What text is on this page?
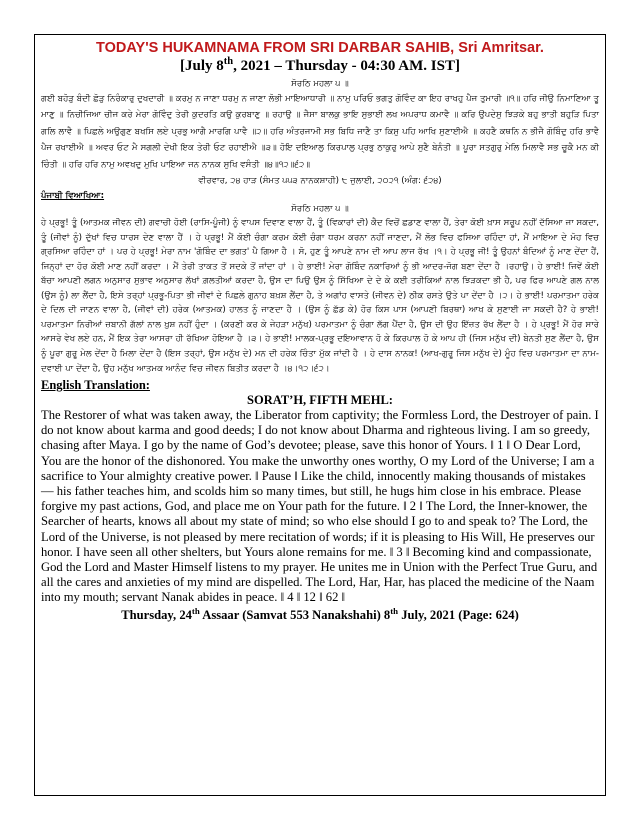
TODAY'S HUKAMNAMA FROM SRI DARBAR SAHIB, Sri Amritsar.
[July 8th, 2021 – Thursday - 04:30 AM. IST]
ਸੋਰਠਿ ਮਹਲਾ ੫ ॥
ਗਈ ਬਹੋੜੁ ਬੰਦੀ ਛੋੜੁ ਨਿਰੰਕਾਰੁ ਦੁਖਦਾਰੀ ॥ ਕਰਮੁ ਨ ਜਾਣਾ ਧਰਮੁ ਨ ਜਾਣਾ ਲੋਭੀ ਮਾਇਆਧਾਰੀ ॥ ਨਾਮੁ ਪਰਿਓ ਭਗਤੁ ਗੋਵਿੰਦ ਕਾ ਇਹ ਰਾਖਹੁ ਪੈਜ ਤੁਮਾਰੀ ॥੧॥ ਹਰਿ ਜੀਉ ਨਿਮਾਣਿਆ ਤੂ ਮਾਣੁ ॥ ਨਿਚੀਜਿਆ ਚੀਜ ਕਰੇ ਮੇਰਾ ਗੋਵਿੰਦੁ ਤੇਰੀ ਕੁਦਰਤਿ ਕਉ ਕੁਰਬਾਣੁ ॥ ਰਹਾਉ ॥ ਜੈਸਾ ਬਾਲਕੁ ਭਾਇ ਸੁਭਾਈ ਲਖ ਅਪਰਾਧ ਕਮਾਵੈ ॥ ਕਰਿ ਉਪਦੇਸੁ ਝਿੜਕੇ ਬਹੁ ਭਾਤੀ ਬਹੁੜਿ ਪਿਤਾ ਗਲਿ ਲਾਵੈ ॥ ਪਿਛਲੇ ਅਉਗੁਣ ਬਖਸਿ ਲਏ ਪ੍ਰਭੁ ਆਗੈ ਮਾਰਗਿ ਪਾਵੈ ॥੨॥ ਹਰਿ ਅੰਤਰਜਾਮੀ ਸਭ ਬਿਧਿ ਜਾਣੈ ਤਾ ਕਿਸੁ ਪਹਿ ਆਖਿ ਸੁਣਾਈਐ ॥ ਕਹਣੈ ਕਥਨਿ ਨ ਭੀਜੈ ਗੋਬਿੰਦੁ ਹਰਿ ਭਾਵੈ ਪੈਜ ਰਖਾਈਐ ॥ ਅਵਰ ਓਟ ਮੈ ਸਗਲੀ ਦੇਖੀ ਇਕ ਤੇਰੀ ਓਟ ਰਹਾਈਐ ॥੩॥ ਹੋਇ ਦਇਆਲੁ ਕਿਰਪਾਲੁ ਪ੍ਰਭੁ ਠਾਕੁਰੁ ਆਪੇ ਸੁਣੈ ਬੇਨੰਤੀ ॥ ਪੂਰਾ ਸਤਗੁਰੁ ਮੇਲਿ ਮਿਲਾਵੈ ਸਭ ਚੂਕੈ ਮਨ ਕੀ ਚਿੰਤੀ ॥ ਹਰਿ ਹਰਿ ਨਾਮੁ ਅਵਖਦੁ ਮੁਖਿ ਪਾਇਆ ਜਨ ਨਾਨਕ ਸੁਖਿ ਵਸੰਤੀ ॥੪॥੧੨॥੬੨॥
ਵੀਰਵਾਰ, ੨੪ ਹਾੜ (ਸੰਮਤ ੫੫੩ ਨਾਨਕਸ਼ਾਹੀ) ੮ ਜੁਲਾਈ, ੨੦੨੧ (ਅੰਗ: ੬੨੪)
ਪੰਜਾਬੀ ਵਿਆਖਿਆ:
ਸੋਰਠਿ ਮਹਲਾ ੫ ॥
ਹੇ ਪ੍ਰਭੂ! ਤੂੰ (ਆਤਮਕ ਜੀਵਨ ਦੀ) ਗਵਾਚੀ ਹੋਈ (ਰਾਸਿ-ਪੂੰਜੀ) ਨੂੰ ਵਾਪਸ ਦਿਵਾਣ ਵਾਲਾ ਹੈਂ, ਤੂੰ (ਵਿਕਾਰਾਂ ਦੀ) ਕੈਦ ਵਿਚੋਂ ਛਡਾਣ ਵਾਲਾ ਹੈਂ, ਤੇਰਾ ਕੋਈ ਖ਼ਾਸ ਸਰੂਪ ਨਹੀਂ ਦੱਸਿਆ ਜਾ ਸਕਦਾ, ਤੂੰ (ਜੀਵਾਂ ਨੂੰ) ਦੁੱਖਾਂ ਵਿਚ ਧਾਰਸ ਦੇਣ ਵਾਲਾ ਹੈਂ । ਹੇ ਪ੍ਰਭੂ! ਮੈਂ ਕੋਈ ਚੰਗਾ ਕਰਮ ਕੋਈ ਚੰਗਾ ਧਰਮ ਕਰਨਾ ਨਹੀਂ ਜਾਣਦਾ, ਮੈਂ ਲੋਭ ਵਿਚ ਫਸਿਆ ਰਹਿੰਦਾ ਹਾਂ, ਮੈਂ ਮਾਇਆ ਦੇ ਮੋਹ ਵਿਚ ਗ੍ਰਸਿਆ ਰਹਿੰਦਾ ਹਾਂ । ਪਰ ਹੇ ਪ੍ਰਭੂ! ਮੇਰਾ ਨਾਮ 'ਗੋਬਿੰਦ ਦਾ ਭਗਤ' ਪੈ ਗਿਆ ਹੈ । ਸੋ, ਹੁਣ ਤੂੰ ਆਪਣੇ ਨਾਮ ਦੀ ਆਪ ਲਾਜ ਰੱਖ ।੧। ਹੇ ਪ੍ਰਭੂ ਜੀ! ਤੂੰ ਉਹਨਾਂ ਬੰਦਿਆਂ ਨੂੰ ਮਾਣ ਦੇਂਦਾ ਹੈਂ, ਜਿਨ੍ਹਾਂ ਦਾ ਹੋਰ ਕੋਈ ਮਾਣ ਨਹੀਂ ਕਰਦਾ । ਮੈਂ ਤੇਰੀ ਤਾਕਤ ਤੋਂ ਸਦਕੇ ਤੋਂ ਜਾਂਦਾ ਹਾਂ । ਹੇ ਭਾਈ! ਮੇਰਾ ਗੋਬਿੰਦ ਨਕਾਰਿਆਂ ਨੂੰ ਭੀ ਆਦਰ-ਜੋਗ ਬਣਾ ਦੇਂਦਾ ਹੈ ।ਰਹਾਉ। ਹੇ ਭਾਈ! ਜਿਵੇਂ ਕੋਈ ਬੱਚਾ ਆਪਣੀ ਲਗਨ ਅਨੁਸਾਰ ਸੁਭਾਵ ਅਨੁਸਾਰ ਲੱਖਾਂ ਗ਼ਲਤੀਆਂ ਕਰਦਾ ਹੈ, ਉਸ ਦਾ ਪਿਉ ਉਸ ਨੂੰ ਸਿੱਖਿਆ ਦੇ ਦੇ ਕੇ ਕਈ ਤਰੀਕਿਆਂ ਨਾਲ ਝਿੜਕਦਾ ਭੀ ਹੈ, ਪਰ ਫਿਰ ਆਪਣੇ ਗਲ ਨਾਲ (ਉਸ ਨੂੰ) ਲਾ ਲੈਂਦਾ ਹੈ, ਇਸੇ ਤਰ੍ਹਾਂ ਪ੍ਰਭੂ-ਪਿਤਾ ਭੀ ਜੀਵਾਂ ਦੇ ਪਿਛਲੇ ਗੁਨਾਹ ਬਖ਼ਸ਼ ਲੈਂਦਾ ਹੈ, ਤੇ ਅਗਾਂਹ ਵਾਸਤੇ (ਜੀਵਨ ਦੇ) ਠੀਕ ਰਸਤੇ ਉਤੇ ਪਾ ਦੇਂਦਾ ਹੈ ।੨। ਹੇ ਭਾਈ! ਪਰਮਾਤਮਾ ਹਰੇਕ ਦੇ ਦਿਲ ਦੀ ਜਾਣਨ ਵਾਲਾ ਹੈ, (ਜੀਵਾਂ ਦੀ) ਹਰੇਕ (ਆਤਮਕ) ਹਾਲਤ ਨੂੰ ਜਾਣਦਾ ਹੈ । (ਉਸ ਨੂੰ ਛੱਡ ਕੇ) ਹੋਰ ਕਿਸ ਪਾਸ (ਆਪਣੀ ਬਿਰਥਾ) ਆਖ ਕੇ ਸੁਣਾਈ ਜਾ ਸਕਦੀ ਹੈ? ਹੇ ਭਾਈ! ਪਰਮਾਤਮਾ ਨਿਰੀਆਂ ਜ਼ਬਾਨੀ ਗੱਲਾਂ ਨਾਲ ਖ਼ੁਸ਼ ਨਹੀਂ ਹੁੰਦਾ । (ਕਰਣੀ ਕਰ ਕੇ ਜੇਹੜਾ ਮਨੁੱਖ) ਪਰਮਾਤਮਾ ਨੂੰ ਚੰਗਾ ਲੱਗ ਪੈਂਦਾ ਹੈ, ਉਸ ਦੀ ਉਹ ਇੱਜ਼ਤ ਰੱਖ ਲੈਂਦਾ ਹੈ । ਹੇ ਪ੍ਰਭੂ! ਮੈਂ ਹੋਰ ਸਾਰੇ ਆਸਰੇ ਵੇਖ ਲਏ ਹਨ, ਮੈਂ ਇਕ ਤੇਰਾ ਆਸਰਾ ਹੀ ਰੱਖਿਆ ਹੋਇਆ ਹੈ ।੩। ਹੇ ਭਾਈ! ਮਾਲਕ-ਪ੍ਰਭੂ ਦਇਆਵਾਨ ਹੋ ਕੇ ਕਿਰਪਾਲ ਹੋ ਕੇ ਆਪ ਹੀ (ਜਿਸ ਮਨੁੱਖ ਦੀ) ਬੇਨਤੀ ਸੁਣ ਲੈਂਦਾ ਹੈ, ਉਸ ਨੂੰ ਪੂਰਾ ਗੁਰੂ ਮੇਲ ਦੇਂਦਾ ਹੈ ਮਿਲਾ ਦੇਂਦਾ ਹੈ (ਇਸ ਤਰ੍ਹਾਂ, ਉਸ ਮਨੁੱਖ ਦੇ) ਮਨ ਦੀ ਹਰੇਕ ਚਿੰਤਾ ਮੁੱਕ ਜਾਂਦੀ ਹੈ । ਹੇ ਦਾਸ ਨਾਨਕ! (ਆਖ-ਗੁਰੂ ਜਿਸ ਮਨੁੱਖ ਦੇ) ਮੂੰਹ ਵਿਚ ਪਰਮਾਤਮਾ ਦਾ ਨਾਮ-ਦਵਾਈ ਪਾ ਦੇਂਦਾ ਹੈ, ਉਹ ਮਨੁੱਖ ਆਤਮਕ ਆਨੰਦ ਵਿਚ ਜੀਵਨ ਬਿਤੀਤ ਕਰਦਾ ਹੈ ।੪।੧੨।੬੨।
English Translation:
SORAT’H, FIFTH MEHL:
The Restorer of what was taken away, the Liberator from captivity; the Formless Lord, the Destroyer of pain. I do not know about karma and good deeds; I do not know about Dharma and righteous living. I am so greedy, chasing after Maya. I go by the name of God’s devotee; please, save this honor of Yours. ‖ 1 ‖ O Dear Lord, You are the honor of the dishonored. You make the unworthy ones worthy, O my Lord of the Universe; I am a sacrifice to Your almighty creative power. ‖ Pause ‖ Like the child, innocently making thousands of mistakes — his father teaches him, and scolds him so many times, but still, he hugs him close in his embrace. Please forgive my past actions, God, and place me on Your path for the future. ‖ 2 ‖ The Lord, the Inner-knower, the Searcher of hearts, knows all about my state of mind; so who else should I go to and speak to? The Lord, the Lord of the Universe, is not pleased by mere recitation of words; if it is pleasing to His Will, He preserves our honor. I have seen all other shelters, but Yours alone remains for me. ‖ 3 ‖ Becoming kind and compassionate, God the Lord and Master Himself listens to my prayer. He unites me in Union with the Perfect True Guru, and all the cares and anxieties of my mind are dispelled. The Lord, Har, Har, has placed the medicine of the Naam into my mouth; servant Nanak abides in peace. ‖ 4 ‖ 12 ‖ 62 ‖
Thursday, 24th Assaar (Samvat 553 Nanakshahi) 8th July, 2021 (Page: 624)
